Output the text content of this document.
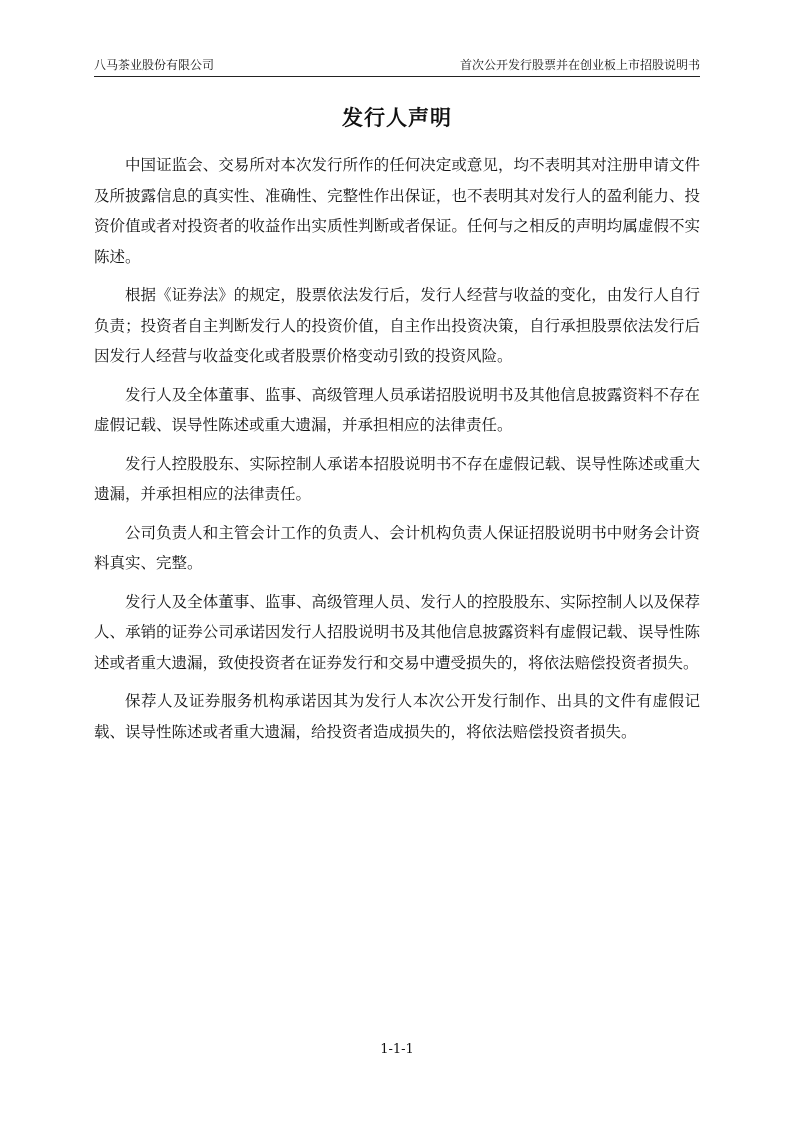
八马茶业股份有限公司	首次公开发行股票并在创业板上市招股说明书
发行人声明

中国证监会、交易所对本次发行所作的任何决定或意见，均不表明其对注册申请文件及所披露信息的真实性、准确性、完整性作出保证，也不表明其对发行人的盈利能力、投资价值或者对投资者的收益作出实质性判断或者保证。任何与之相反的声明均属虚假不实陈述。

根据《证券法》的规定，股票依法发行后，发行人经营与收益的变化，由发行人自行负责；投资者自主判断发行人的投资价值，自主作出投资决策，自行承担股票依法发行后因发行人经营与收益变化或者股票价格变动引致的投资风险。

发行人及全体董事、监事、高级管理人员承诺招股说明书及其他信息披露资料不存在虚假记载、误导性陈述或重大遗漏，并承担相应的法律责任。

发行人控股股东、实际控制人承诺本招股说明书不存在虚假记载、误导性陈述或重大遗漏，并承担相应的法律责任。

公司负责人和主管会计工作的负责人、会计机构负责人保证招股说明书中财务会计资料真实、完整。

发行人及全体董事、监事、高级管理人员、发行人的控股股东、实际控制人以及保荐人、承销的证券公司承诺因发行人招股说明书及其他信息披露资料有虚假记载、误导性陈述或者重大遗漏，致使投资者在证券发行和交易中遭受损失的，将依法赔偿投资者损失。

保荐人及证券服务机构承诺因其为发行人本次公开发行制作、出具的文件有虚假记载、误导性陈述或者重大遗漏，给投资者造成损失的，将依法赔偿投资者损失。

1-1-1
